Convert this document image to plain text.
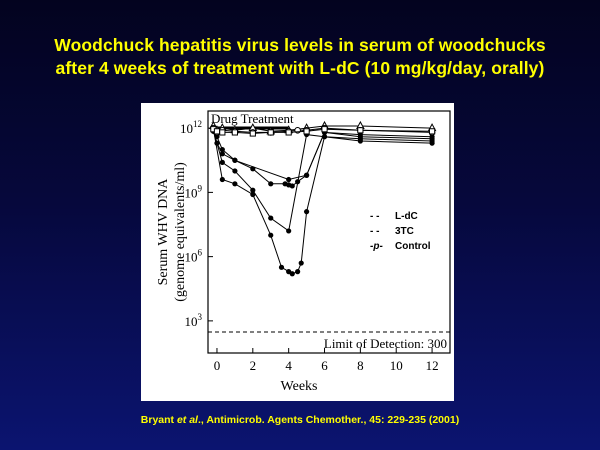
Woodchuck hepatitis virus levels in serum of woodchucks
after 4 weeks of treatment with L-dC (10 mg/kg/day, orally)
0 2 4 6 8 10 12
$10^{12}$
$10^9$
$10^6$
$10^3$
Weeks
Serum WHV DNA (genome equivalents/ml)
Drug Treatment
Limit of Detection: 300
- - L-dC
- - 3TC
-p- Control
Bryant et al., Antimicrob. Agents Chemother., 45: 229-235 (2001)
